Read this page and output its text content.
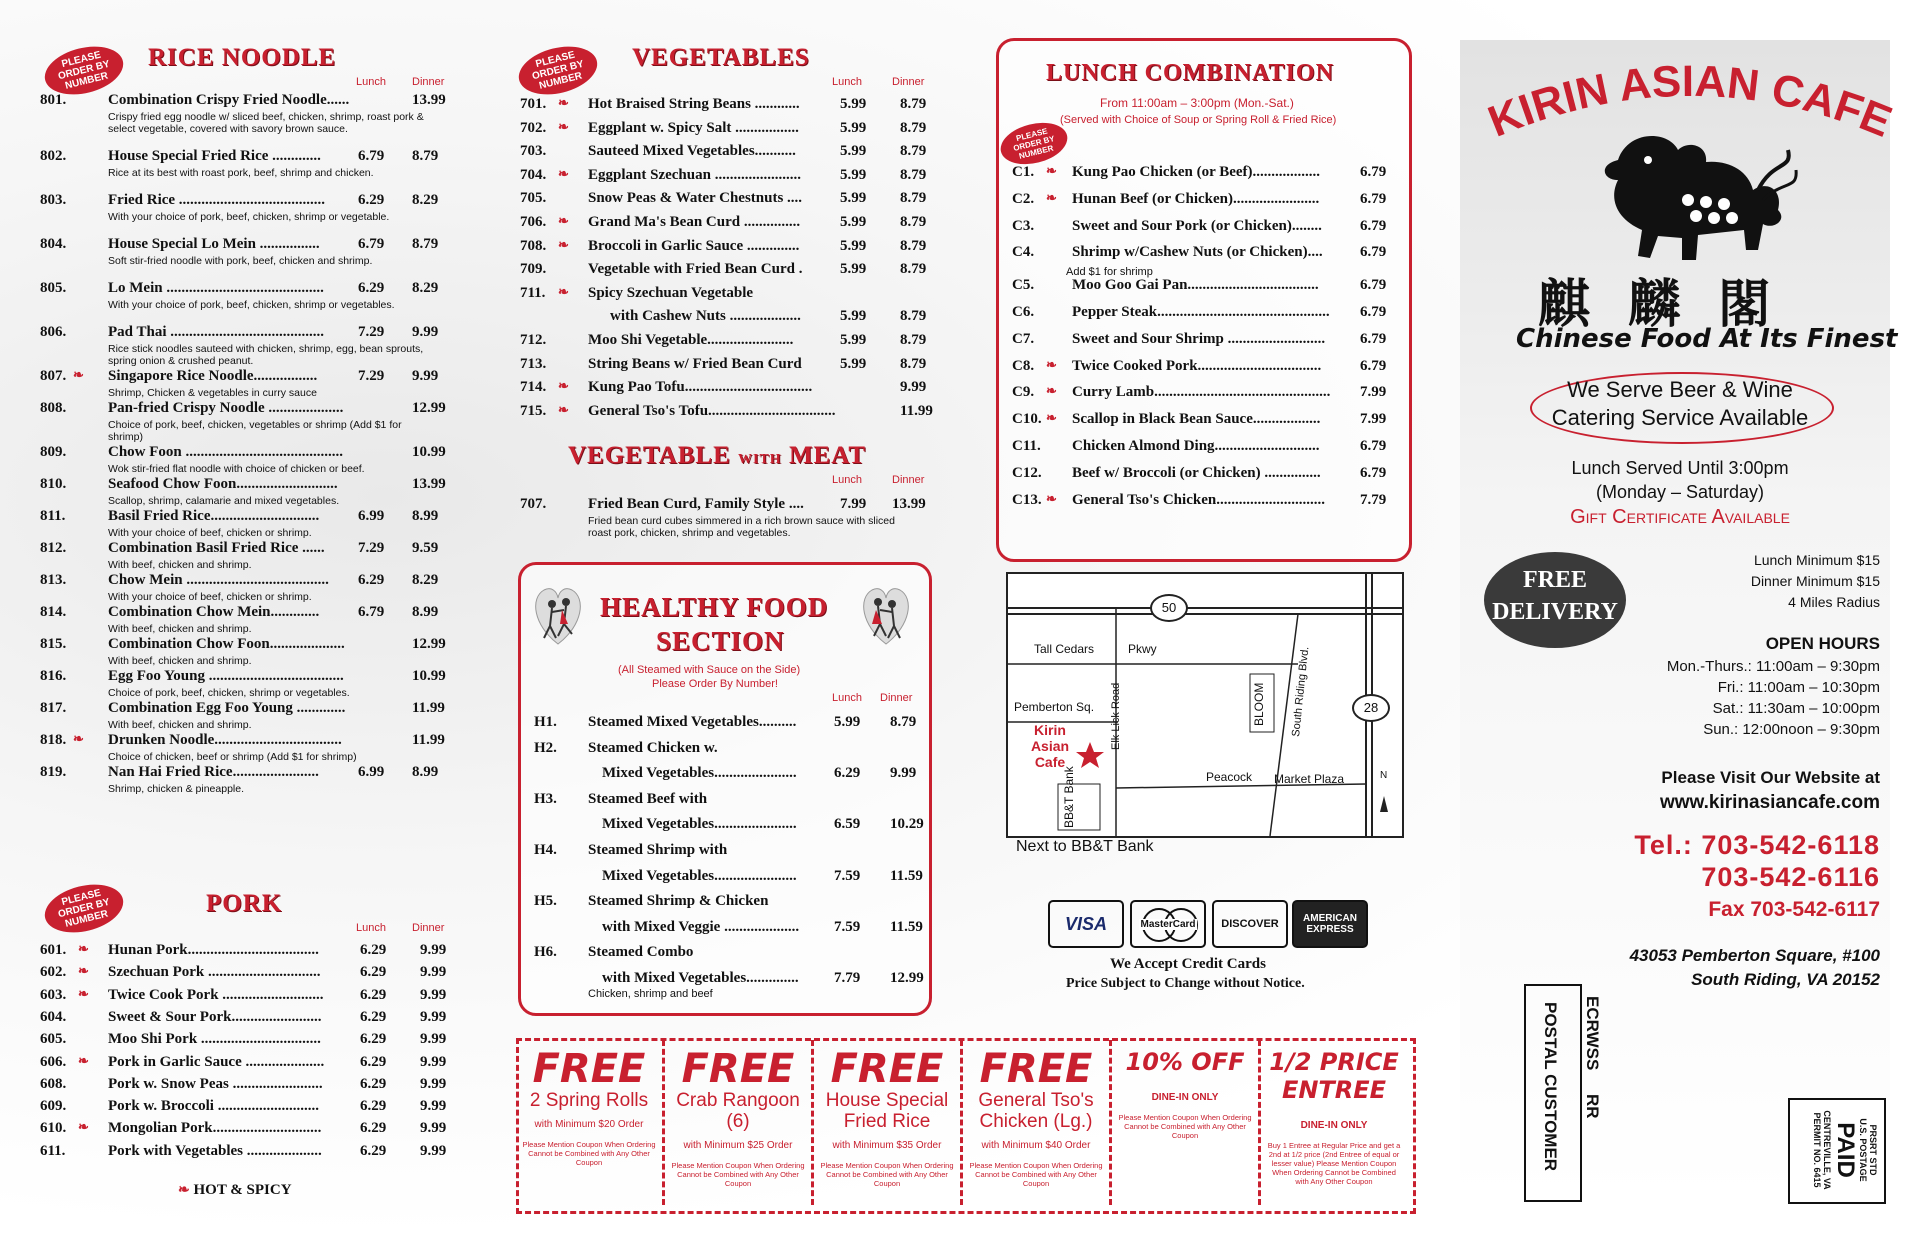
PLEASE ORDER BY NUMBER
RICE NOODLE
Lunch Dinner
801.	Combination Crispy Fried Noodle......	13.99
Crispy fried egg noodle w/ sliced beef, chicken, shrimp, roast pork & select vegetable, covered with savory brown sauce.
802.	House Special Fried Rice .............	6.79 8.79
Rice at its best with roast pork, beef, shrimp and chicken.
803.	Fried Rice .......................................	6.29 8.29
With your choice of pork, beef, chicken, shrimp or vegetable.
804.	House Special Lo Mein ................	6.79 8.79
Soft stir-fried noodle with pork, beef, chicken and shrimp.
805.	Lo Mein ..........................................	6.29 8.29
With your choice of pork, beef, chicken, shrimp or vegetables.
806.	Pad Thai .........................................	7.29 9.99
Rice stick noodles sauteed with chicken, shrimp, egg, bean sprouts, spring onion & crushed peanut.
807. ❧ Singapore Rice Noodle.................	7.29 9.99
Shrimp, Chicken & vegetables in curry sauce
808.	Pan-fried Crispy Noodle ....................	12.99
Choice of pork, beef, chicken, vegetables or shrimp (Add $1 for shrimp)
809.	Chow Foon ..........................................	10.99
Wok stir-fried flat noodle with choice of chicken or beef.
810.	Seafood Chow Foon...........................	13.99
Scallop, shrimp, calamarie and mixed vegetables.
811.	Basil Fried Rice.............................	6.99 8.99
With your choice of beef, chicken or shrimp.
812.	Combination Basil Fried Rice ......	7.29 9.59
With beef, chicken and shrimp.
813.	Chow Mein ......................................	6.29 8.29
With your choice of beef, chicken or shrimp.
814.	Combination Chow Mein.............	6.79 8.99
With beef, chicken and shrimp.
815.	Combination Chow Foon....................	12.99
With beef, chicken and shrimp.
816.	Egg Foo Young ....................................	10.99
Choice of pork, beef, chicken, shrimp or vegetables.
817.	Combination Egg Foo Young .............	11.99
With beef, chicken and shrimp.
818. ❧ Drunken Noodle..................................	11.99
Choice of chicken, beef or shrimp (Add $1 for shrimp)
819.	Nan Hai Fried Rice.......................	6.99 8.99
Shrimp, chicken & pineapple.
PLEASE ORDER BY NUMBER
PORK
Lunch Dinner
601. ❧ Hunan Pork...................................	6.29 9.99
602. ❧ Szechuan Pork ..............................	6.29 9.99
603. ❧ Twice Cook Pork ...........................	6.29 9.99
604.	Sweet & Sour Pork........................	6.29 9.99
605.	Moo Shi Pork ................................	6.29 9.99
606. ❧ Pork in Garlic Sauce .....................	6.29 9.99
608.	Pork w. Snow Peas ........................	6.29 9.99
609.	Pork w. Broccoli ...........................	6.29 9.99
610. ❧ Mongolian Pork.............................	6.29 9.99
611.	Pork with Vegetables ....................	6.29 9.99
❧ HOT & SPICY
PLEASE ORDER BY NUMBER
VEGETABLES
Lunch	Dinner
701. ❧ Hot Braised String Beans ............	5.99 8.79
702. ❧ Eggplant w. Spicy Salt .................	5.99 8.79
703.	Sauteed Mixed Vegetables...........	5.99 8.79
704. ❧ Eggplant Szechuan .......................	5.99 8.79
705.	Snow Peas & Water Chestnuts ....	5.99 8.79
706. ❧ Grand Ma's Bean Curd ...............	5.99 8.79
708. ❧ Broccoli in Garlic Sauce ..............	5.99 8.79
709.	Vegetable with Fried Bean Curd .	5.99 8.79
711. ❧ Spicy Szechuan Vegetable
with Cashew Nuts ...................	5.99 8.79
712.	Moo Shi Vegetable.......................	5.99 8.79
713.	String Beans w/ Fried Bean Curd	5.99 8.79
714. ❧ Kung Pao Tofu..................................	9.99
715. ❧ General Tso's Tofu..................................	11.99
VEGETABLE WITH MEAT
Lunch	Dinner
707.	Fried Bean Curd, Family Style ....	7.99 13.99
Fried bean curd cubes simmered in a rich brown sauce with sliced roast pork, chicken, shrimp and vegetables.
HEALTHY FOOD
SECTION
(All Steamed with Sauce on the Side)
Please Order By Number!
Lunch Dinner
H1. Steamed Mixed Vegetables..........	5.99 8.79
H2. Steamed Chicken w.
Mixed Vegetables......................	6.29 9.99
H3. Steamed Beef with
Mixed Vegetables......................	6.59 10.29
H4. Steamed Shrimp with
Mixed Vegetables......................	7.59 11.59
H5. Steamed Shrimp & Chicken
with Mixed Veggie ....................	7.59 11.59
H6. Steamed Combo
with Mixed Vegetables..............	7.79 12.99
Chicken, shrimp and beef
PLEASE ORDER BY NUMBER
LUNCH COMBINATION
From 11:00am – 3:00pm (Mon.-Sat.)
(Served with Choice of Soup or Spring Roll & Fried Rice)
C1. ❧ Kung Pao Chicken (or Beef)..................	6.79
C2. ❧ Hunan Beef (or Chicken).......................	6.79
C3.	Sweet and Sour Pork (or Chicken)........	6.79
C4.	Shrimp w/Cashew Nuts (or Chicken)....	6.79
C5.	Moo Goo Gai Pan...................................	6.79
C6.	Pepper Steak..............................................	6.79
C7.	Sweet and Sour Shrimp ..........................	6.79
C8. ❧ Twice Cooked Pork.................................	6.79
C9. ❧ Curry Lamb...............................................	7.99
C10. ❧ Scallop in Black Bean Sauce..................	7.99
C11. Chicken Almond Ding............................	6.79
C12. Beef w/ Broccoli (or Chicken) ...............	6.79
C13. ❧ General Tso's Chicken.............................	7.79
Add $1 for shrimp
50
28
Tall Cedars	Pkwy
Pemberton Sq. Elk Lick Road	BLOOM South Riding Blvd.
Kirin
Asian
Cafe
Peacock Market Plaza
BB&T Bank	N
Next to BB&T Bank
VISA	MasterCard	DISCOVER	AMERICAN
EXPRESS
We Accept Credit Cards
Price Subject to Change without Notice.
FREE
2 Spring Rolls
with Minimum $20 Order
Please Mention Coupon When Ordering Cannot be Combined with Any Other Coupon
FREE
Crab Rangoon (6)
with Minimum $25 Order
Please Mention Coupon When Ordering Cannot be Combined with Any Other Coupon
FREE
House Special Fried Rice
with Minimum $35 Order
Please Mention Coupon When Ordering Cannot be Combined with Any Other Coupon
FREE
General Tso's Chicken (Lg.)
with Minimum $40 Order
Please Mention Coupon When Ordering Cannot be Combined with Any Other Coupon
10% OFF
DINE-IN ONLY
Please Mention Coupon When Ordering Cannot be Combined with Any Other Coupon
1/2 PRICE ENTREE
DINE-IN ONLY
Buy 1 Entree at Regular Price and get a 2nd at 1/2 price (2nd Entree of equal or lesser value) Please Mention Coupon When Ordering Cannot be Combined with Any Other Coupon
KIRIN ASIAN CAFE
麒 麟 閣
Chinese Food At Its Finest
We Serve Beer & Wine
Catering Service Available
Lunch Served Until 3:00pm
(Monday – Saturday)
Gift Certificate Available
FREE
DELIVERY
Lunch Minimum $15
Dinner Minimum $15
4 Miles Radius
OPEN HOURS
Mon.-Thurs.: 11:00am – 9:30pm
Fri.: 11:00am – 10:30pm
Sat.: 11:30am – 10:00pm
Sun.: 12:00noon – 9:30pm
Please Visit Our Website at
www.kirinasiancafe.com
Tel.: 703-542-6118
703-542-6116
Fax 703-542-6117
43053 Pemberton Square, #100
South Riding, VA 20152
ECRWSS     RR
POSTAL CUSTOMER	PRSRT STD
U.S. POSTAGE
PAID
CENTREVILLE, VA
PERMIT NO. 6415
